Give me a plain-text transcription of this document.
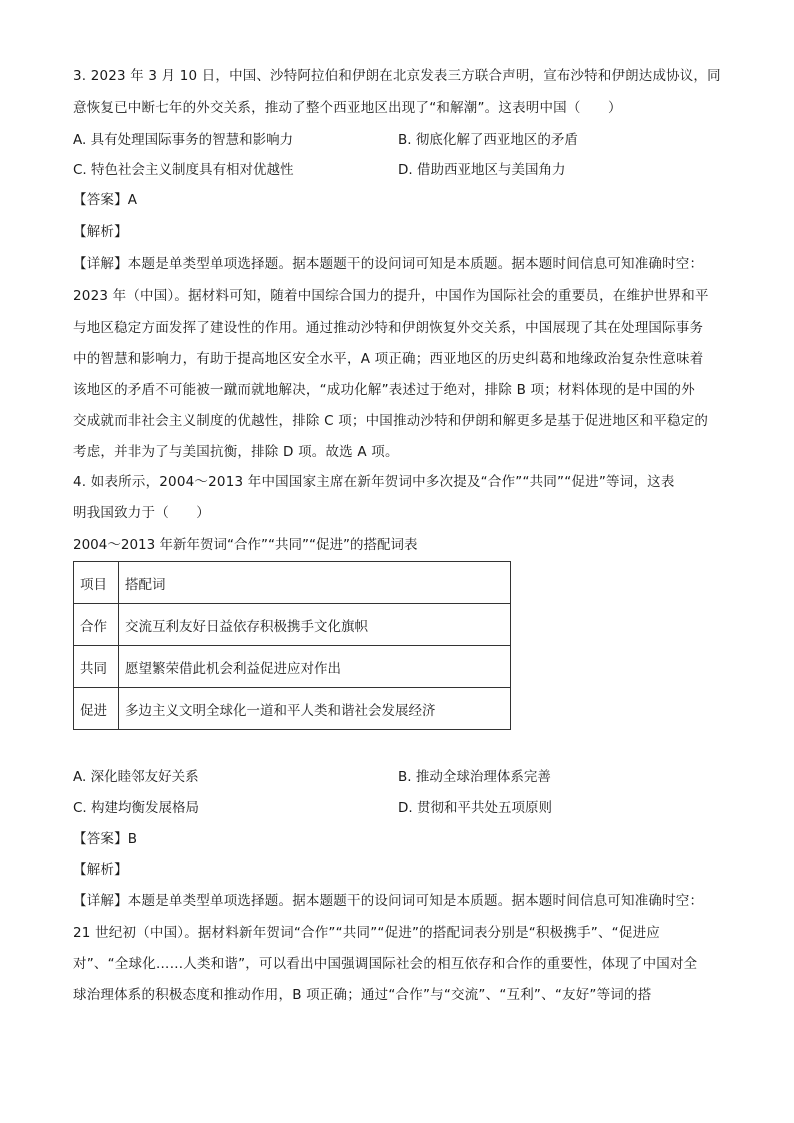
3. 2023 年 3 月 10 日，中国、沙特阿拉伯和伊朗在北京发表三方联合声明，宣布沙特和伊朗达成协议，同
意恢复已中断七年的外交关系，推动了整个西亚地区出现了“和解潮”。这表明中国（　　）
A. 具有处理国际事务的智慧和影响力	B. 彻底化解了西亚地区的矛盾
C. 特色社会主义制度具有相对优越性	D. 借助西亚地区与美国角力
【答案】A
【解析】
【详解】本题是单类型单项选择题。据本题题干的设问词可知是本质题。据本题时间信息可知准确时空：
2023 年（中国）。据材料可知，随着中国综合国力的提升，中国作为国际社会的重要员，在维护世界和平
与地区稳定方面发挥了建设性的作用。通过推动沙特和伊朗恢复外交关系，中国展现了其在处理国际事务
中的智慧和影响力，有助于提高地区安全水平，A 项正确；西亚地区的历史纠葛和地缘政治复杂性意味着
该地区的矛盾不可能被一蹴而就地解决，“成功化解”表述过于绝对，排除 B 项；材料体现的是中国的外
交成就而非社会主义制度的优越性，排除 C 项；中国推动沙特和伊朗和解更多是基于促进地区和平稳定的
考虑，并非为了与美国抗衡，排除 D 项。故选 A 项。
4. 如表所示，2004～2013 年中国国家主席在新年贺词中多次提及“合作”“共同”“促进”等词，这表
明我国致力于（　　）
2004～2013 年新年贺词“合作”“共同”“促进”的搭配词表
项目	搭配词
合作	交流互利友好日益依存积极携手文化旗帜
共同	愿望繁荣借此机会利益促进应对作出
促进	多边主义文明全球化一道和平人类和谐社会发展经济
A. 深化睦邻友好关系	B. 推动全球治理体系完善
C. 构建均衡发展格局	D. 贯彻和平共处五项原则
【答案】B
【解析】
【详解】本题是单类型单项选择题。据本题题干的设问词可知是本质题。据本题时间信息可知准确时空：
21 世纪初（中国）。据材料新年贺词“合作”“共同”“促进”的搭配词表分别是“积极携手”、“促进应
对”、“全球化……人类和谐”，可以看出中国强调国际社会的相互依存和合作的重要性，体现了中国对全
球治理体系的积极态度和推动作用，B 项正确；通过“合作”与“交流”、“互利”、“友好”等词的搭
